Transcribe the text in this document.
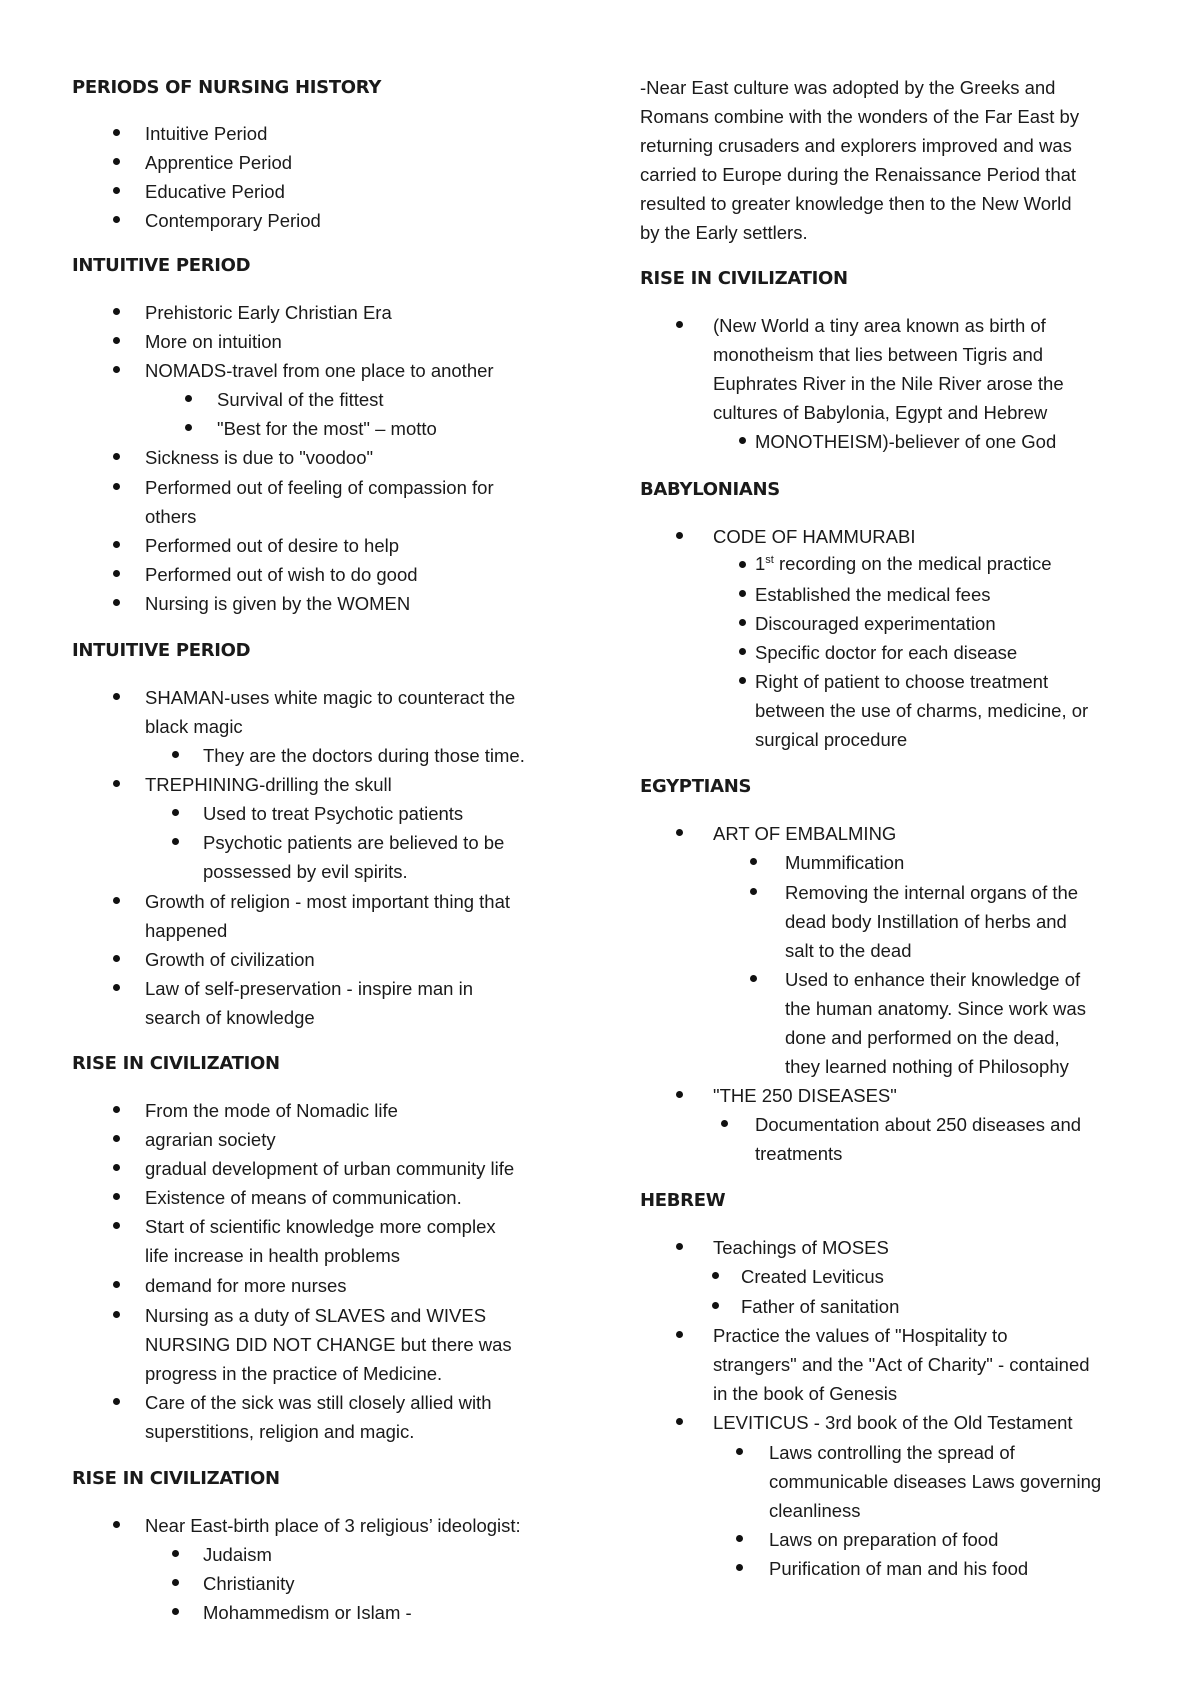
PERIODS OF NURSING HISTORY
Intuitive Period
Apprentice Period
Educative Period
Contemporary Period
INTUITIVE PERIOD
Prehistoric Early Christian Era
More on intuition
NOMADS-travel from one place to another
Survival of the fittest
"Best for the most" – motto
Sickness is due to "voodoo"
Performed out of feeling of compassion for
others
Performed out of desire to help
Performed out of wish to do good
Nursing is given by the WOMEN
INTUITIVE PERIOD
SHAMAN-uses white magic to counteract the
black magic
They are the doctors during those time.
TREPHINING-drilling the skull
Used to treat Psychotic patients
Psychotic patients are believed to be
possessed by evil spirits.
Growth of religion - most important thing that
happened
Growth of civilization
Law of self-preservation - inspire man in
search of knowledge
RISE IN CIVILIZATION
From the mode of Nomadic life
agrarian society
gradual development of urban community life
Existence of means of communication.
Start of scientific knowledge more complex
life increase in health problems
demand for more nurses
Nursing as a duty of SLAVES and WIVES
NURSING DID NOT CHANGE but there was
progress in the practice of Medicine.
Care of the sick was still closely allied with
superstitions, religion and magic.
RISE IN CIVILIZATION
Near East-birth place of 3 religious’ ideologist:
Judaism
Christianity
Mohammedism or Islam -
-Near East culture was adopted by the Greeks and
Romans combine with the wonders of the Far East by
returning crusaders and explorers improved and was
carried to Europe during the Renaissance Period that
resulted to greater knowledge then to the New World
by the Early settlers.
RISE IN CIVILIZATION
(New World a tiny area known as birth of
monotheism that lies between Tigris and
Euphrates River in the Nile River arose the
cultures of Babylonia, Egypt and Hebrew
MONOTHEISM)-believer of one God
BABYLONIANS
CODE OF HAMMURABI
1st recording on the medical practice
Established the medical fees
Discouraged experimentation
Specific doctor for each disease
Right of patient to choose treatment
between the use of charms, medicine, or
surgical procedure
EGYPTIANS
ART OF EMBALMING
Mummification
Removing the internal organs of the
dead body Instillation of herbs and
salt to the dead
Used to enhance their knowledge of
the human anatomy. Since work was
done and performed on the dead,
they learned nothing of Philosophy
"THE 250 DISEASES"
Documentation about 250 diseases and
treatments
HEBREW
Teachings of MOSES
Created Leviticus
Father of sanitation
Practice the values of "Hospitality to
strangers" and the "Act of Charity" - contained
in the book of Genesis
LEVITICUS - 3rd book of the Old Testament
Laws controlling the spread of
communicable diseases Laws governing
cleanliness
Laws on preparation of food
Purification of man and his food
